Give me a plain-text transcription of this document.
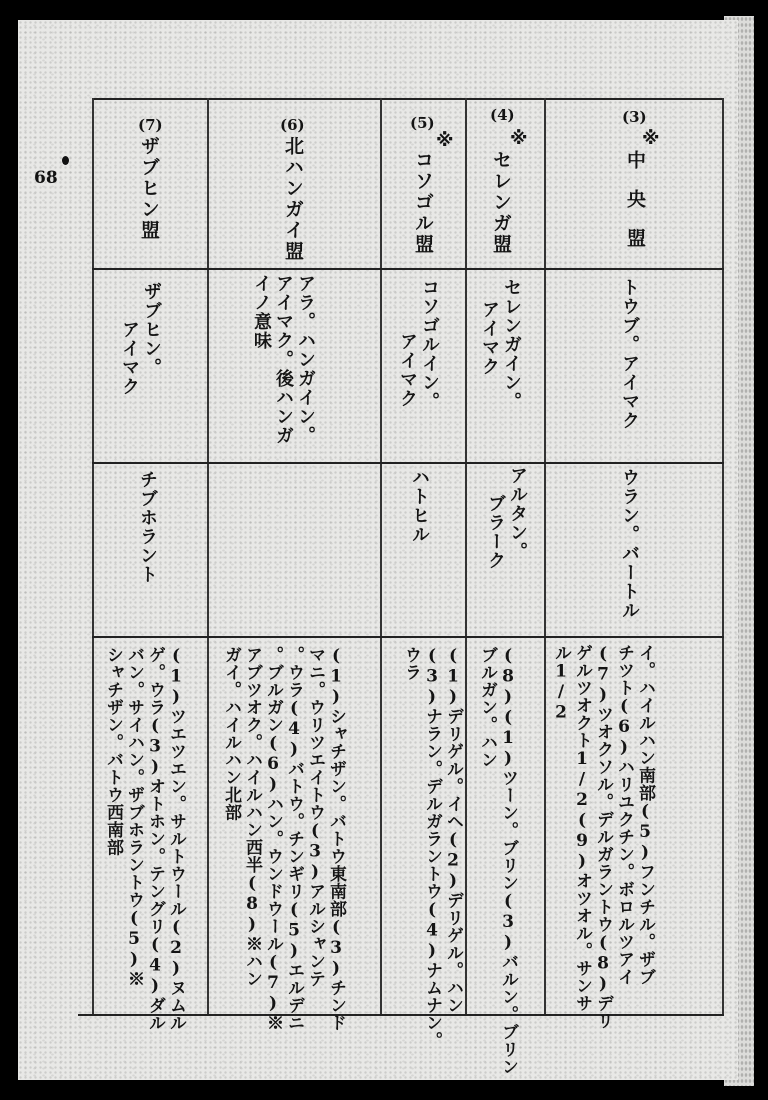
68
(3)
※
中央盟
(4)
※
セレンガ盟
(5)
※
コソゴル盟
(6)
北ハンガイ盟
(7)
ザブヒン盟
トウブ。アイマク
セレンガイン。
アイマク
コソゴルイン。
アイマク
アラ。ハンガイン。
アイマク。後ハンガ
イノ意味
ザブヒン。
アイマク
ウラン。バートル
アルタン。
ブラーク
ハトヒル
チブホラント
イ。ハイルハン南部(5)フンチル。ザブ
チツト(6)ハリユクチン。ボロルツアイ
(7)ツオクソル。デルガラントウ(8)デリ
ゲルツオクト1/2(9)オツオル。サンサ
ル1/2
(8)(1)ツーン。ブリン(3)バルン。ブリン
ブルガン。ハン
(1)デリゲル。イヘ(2)デリゲル。ハン
(3)ナラン。デルガラントウ(4)ナムナン。
ウラ
(1)シャチザン。バトウ東南部(3)チンド
マニ。ウリツエイトウ(3)アルシャンテ
。ウラ(4)バトウ。チンギリ(5)エルデニ
。ブルガン(6)ハン。ウンドウール(7)※
アブツオク。ハイルハン西半(8)※ハン
ガイ。ハイルハン北部
(1)ツエツエン。サルトウール(2)ヌムル
ゲ。ウラ(3)オトホン。テングリ(4)ダル
バン。サイハン。ザブホラントウ(5)※
シャチザン。バトウ西南部
